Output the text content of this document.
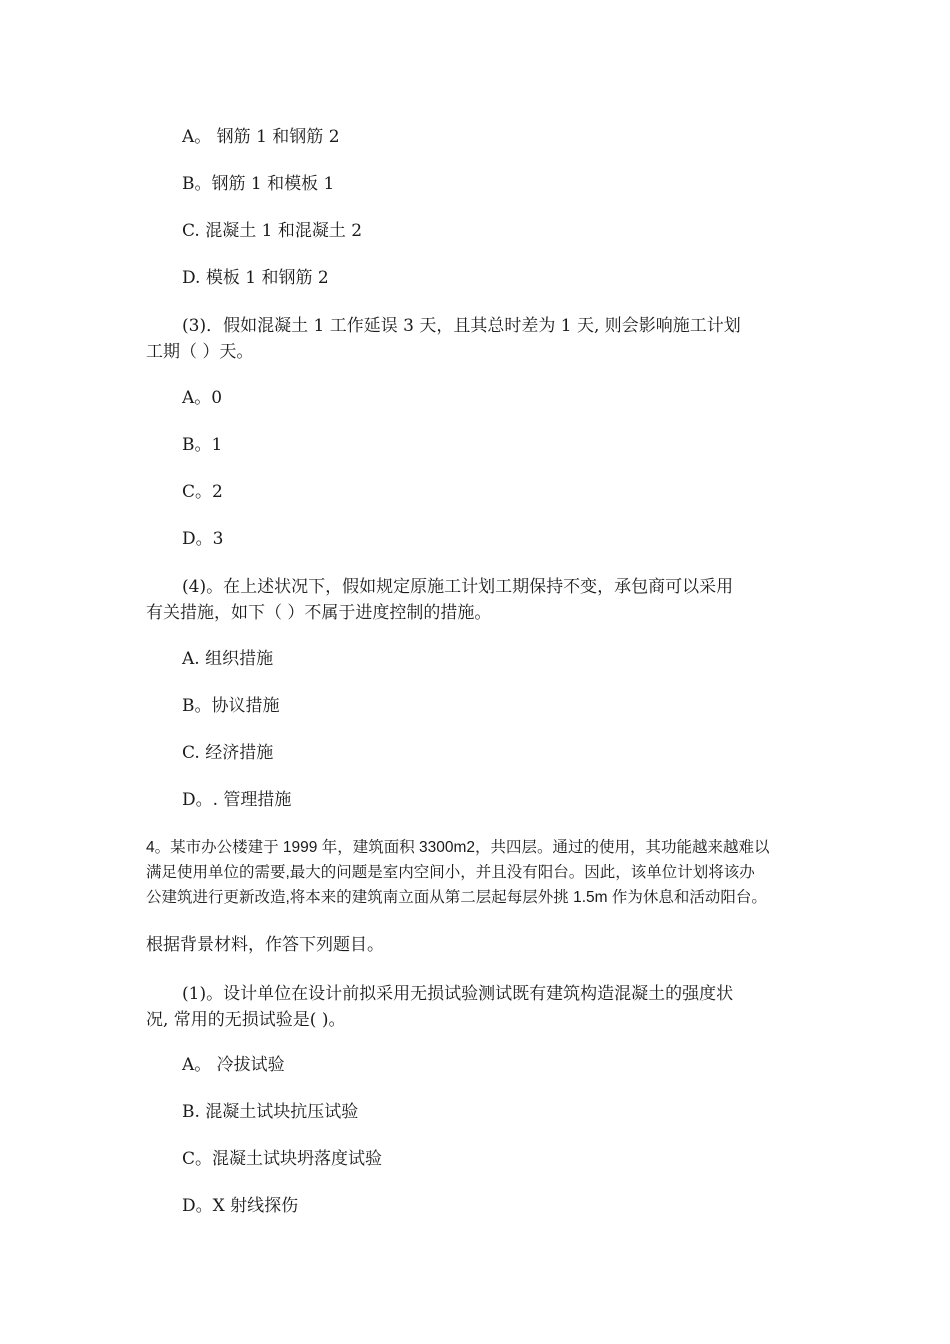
A。 钢筋 1 和钢筋 2
B。钢筋 1 和模板 1
C. 混凝土 1 和混凝土 2
D. 模板 1 和钢筋 2
(3)．假如混凝土 1 工作延误 3 天，且其总时差为 1 天, 则会影响施工计划
工期（ ）天。
A。0
B。1
C。2
D。3
(4)。在上述状况下，假如规定原施工计划工期保持不变，承包商可以采用
有关措施，如下（ ）不属于进度控制的措施。
A. 组织措施
B。协议措施
C. 经济措施
D。. 管理措施
4。某市办公楼建于 1999 年，建筑面积 3300m2，共四层。通过的使用，其功能越来越难以
满足使用单位的需要,最大的问题是室内空间小，并且没有阳台。因此，该单位计划将该办
公建筑进行更新改造,将本来的建筑南立面从第二层起每层外挑 1.5m 作为休息和活动阳台。
根据背景材料，作答下列题目。
(1)。设计单位在设计前拟采用无损试验测试既有建筑构造混凝土的强度状
况, 常用的无损试验是( )。
A。 冷拔试验
B. 混凝土试块抗压试验
C。混凝土试块坍落度试验
D。X 射线探伤
